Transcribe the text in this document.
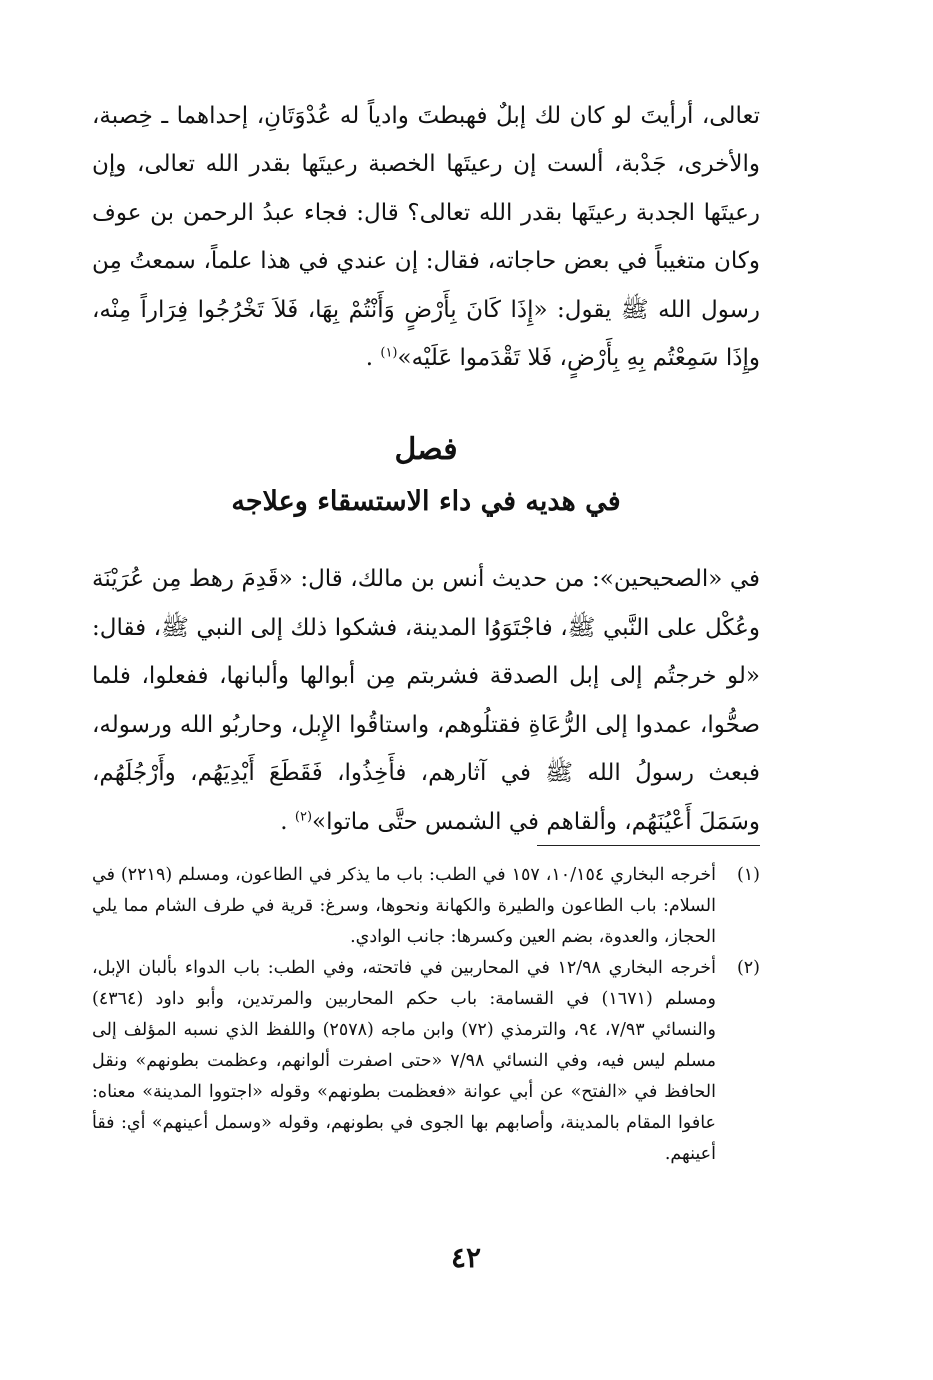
تعالى، أرأيتَ لو كان لك إبلٌ فهبطتَ وادياً له عُدْوَتَانِ، إحداهما ـ خِصبة، والأخرى، جَدْبة، ألست إن رعيتَها الخصبة رعيتَها بقدر الله تعالى، وإن رعيتَها الجدبة رعيتَها بقدر الله تعالى؟ قال: فجاء عبدُ الرحمن بن عوف وكان متغيباً في بعض حاجاته، فقال: إن عندي في هذا علماً، سمعتُ مِن رسول الله ﷺ يقول: «إِذَا كَانَ بِأَرْضٍ وَأَنْتُمْ بِهَا، فَلاَ تَخْرُجُوا فِرَاراً مِنْه، وإِذَا سَمِعْتُم بِهِ بِأَرْضٍ، فَلا تَقْدَموا عَلَيْه»$^{(١)}$ .

فصل
في هديه في داء الاستسقاء وعلاجه

في «الصحيحين»: من حديث أنس بن مالك، قال: «قَدِمَ رهط مِن عُرَيْنَة وعُكْل على النَّبي ﷺ، فاجْتَوَوُا المدينة، فشكوا ذلك إلى النبي ﷺ، فقال: «لو خرجتُم إلى إبل الصدقة فشربتم مِن أبوالها وألبانها، ففعلوا، فلما صحُّوا، عمدوا إلى الرُّعَاةِ فقتلُوهم، واستاقُوا الإِبل، وحاربُو الله ورسوله، فبعث رسولُ الله ﷺ في آثارهم، فأَخِذُوا، فَقَطَعَ أَيْدِيَهُم، وأَرْجُلَهُم، وسَمَلَ أَعْيُنَهُم، وألقاهم في الشمس حتَّى ماتوا»$^{(٢)}$ .

(١)
أخرجه البخاري ١٠/١٥٤، ١٥٧ في الطب: باب ما يذكر في الطاعون، ومسلم (٢٢١٩) في السلام: باب الطاعون والطيرة والكهانة ونحوها، وسرغ: قرية في طرف الشام مما يلي الحجاز، والعدوة، بضم العين وكسرها: جانب الوادي.
(٢)
أخرجه البخاري ١٢/٩٨ في المحاربين في فاتحته، وفي الطب: باب الدواء بألبان الإبل، ومسلم (١٦٧١) في القسامة: باب حكم المحاربين والمرتدين، وأبو داود (٤٣٦٤) والنسائي ٧/٩٣، ٩٤، والترمذي (٧٢) وابن ماجه (٢٥٧٨) واللفظ الذي نسبه المؤلف إلى مسلم ليس فيه، وفي النسائي ٧/٩٨ «حتى اصفرت ألوانهم، وعظمت بطونهم» ونقل الحافظ في «الفتح» عن أبي عوانة «فعظمت بطونهم» وقوله «اجتووا المدينة» معناه: عافوا المقام بالمدينة، وأصابهم بها الجوى في بطونهم، وقوله «وسمل أعينهم» أي: فقأ أعينهم.
٤٢
